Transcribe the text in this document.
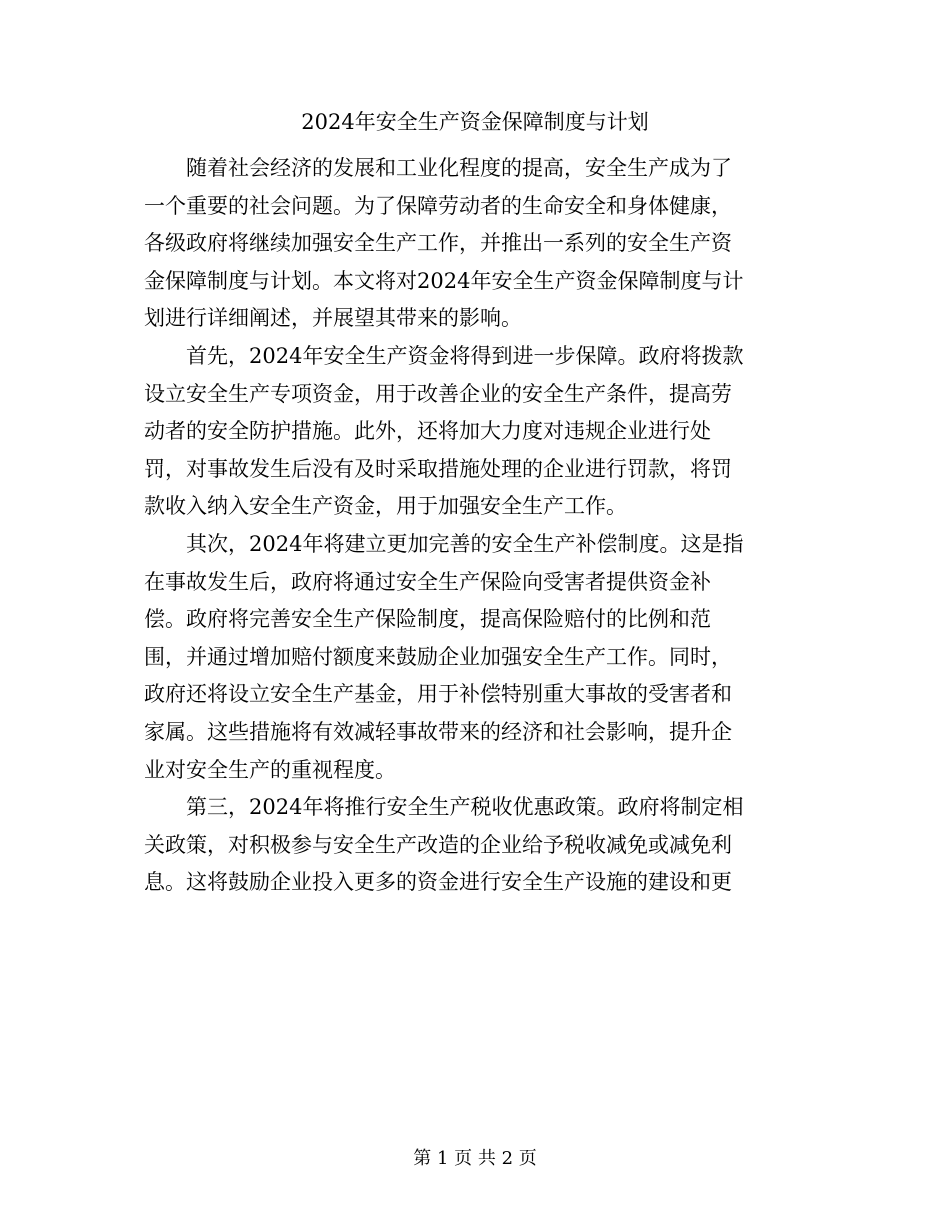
2024年安全生产资金保障制度与计划
随着社会经济的发展和工业化程度的提高，安全生产成为了
一个重要的社会问题。为了保障劳动者的生命安全和身体健康，
各级政府将继续加强安全生产工作，并推出一系列的安全生产资
金保障制度与计划。本文将对2024年安全生产资金保障制度与计
划进行详细阐述，并展望其带来的影响。
首先，2024年安全生产资金将得到进一步保障。政府将拨款
设立安全生产专项资金，用于改善企业的安全生产条件，提高劳
动者的安全防护措施。此外，还将加大力度对违规企业进行处
罚，对事故发生后没有及时采取措施处理的企业进行罚款，将罚
款收入纳入安全生产资金，用于加强安全生产工作。
其次，2024年将建立更加完善的安全生产补偿制度。这是指
在事故发生后，政府将通过安全生产保险向受害者提供资金补
偿。政府将完善安全生产保险制度，提高保险赔付的比例和范
围，并通过增加赔付额度来鼓励企业加强安全生产工作。同时，
政府还将设立安全生产基金，用于补偿特别重大事故的受害者和
家属。这些措施将有效减轻事故带来的经济和社会影响，提升企
业对安全生产的重视程度。
第三，2024年将推行安全生产税收优惠政策。政府将制定相
关政策，对积极参与安全生产改造的企业给予税收减免或减免利
息。这将鼓励企业投入更多的资金进行安全生产设施的建设和更
第 1 页 共 2 页
